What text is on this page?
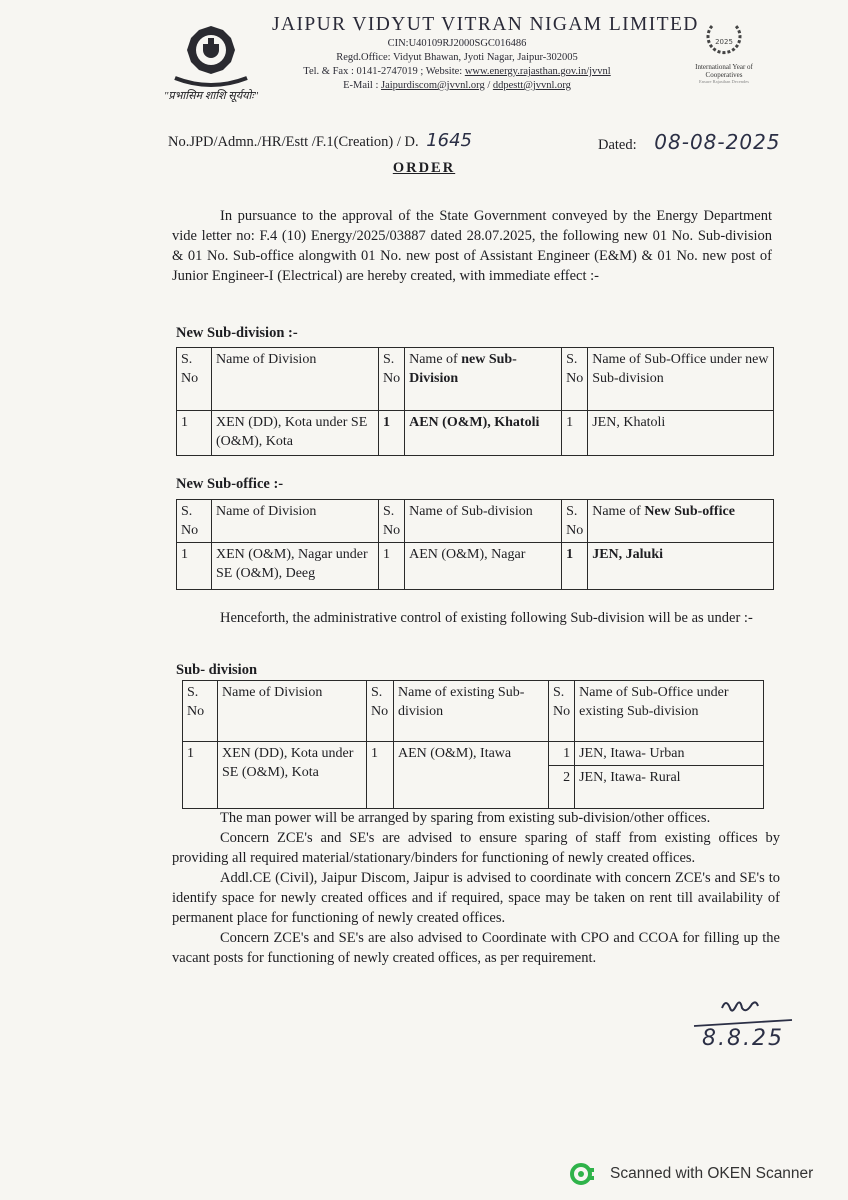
"प्रभासिम शाशि सूर्ययोः"
JAIPUR VIDYUT VITRAN NIGAM LIMITED
CIN:U40109RJ2000SGC016486
Regd.Office: Vidyut Bhawan, Jyoti Nagar, Jaipur-302005
Tel. & Fax : 0141-2747019 ; Website: www.energy.rajasthan.gov.in/jvvnl
E-Mail : Jaipurdiscom@jvvnl.org / ddpestt@jvvnl.org
2025
International Year of Cooperatives
Ensure Rajasthan Decendes
No.JPD/Admn./HR/Estt /F.1(Creation) / D. 1645	Dated: 08-08-2025
ORDER

In pursuance to the approval of the State Government conveyed by the Energy Department vide letter no: F.4 (10) Energy/2025/03887 dated 28.07.2025, the following new 01 No. Sub-division & 01 No. Sub-office alongwith 01 No. new post of Assistant Engineer (E&M) & 01 No. new post of Junior Engineer-I (Electrical) are hereby created, with immediate effect :-

New Sub-division :-
S. No	Name of Division	S. No	Name of new Sub-Division	S. No	Name of Sub-Office under new Sub-division
1	XEN (DD), Kota under SE (O&M), Kota	1	AEN (O&M), Khatoli	1	JEN, Khatoli
New Sub-office :-
S. No	Name of Division	S. No	Name of Sub-division	S. No	Name of New Sub-office
1	XEN (O&M), Nagar under SE (O&M), Deeg	1	AEN (O&M), Nagar	1	JEN, Jaluki

Henceforth, the administrative control of existing following Sub-division will be as under :-

Sub- division
S. No	Name of Division	S. No	Name of existing Sub-division	S. No	Name of Sub-Office under existing Sub-division
1	XEN (DD), Kota under SE (O&M), Kota	1	AEN (O&M), Itawa	1	JEN, Itawa- Urban
				2	JEN, Itawa- Rural

The man power will be arranged by sparing from existing sub-division/other offices.

Concern ZCE's and SE's are advised to ensure sparing of staff from existing offices by providing all required material/stationary/binders for functioning of newly created offices.

Addl.CE (Civil), Jaipur Discom, Jaipur is advised to coordinate with concern ZCE's and SE's to identify space for newly created offices and if required, space may be taken on rent till availability of permanent place for functioning of newly created offices.

Concern ZCE's and SE's are also advised to Coordinate with CPO and CCOA for filling up the vacant posts for functioning of newly created offices, as per requirement.

8.8.25
Scanned with OKEN Scanner
